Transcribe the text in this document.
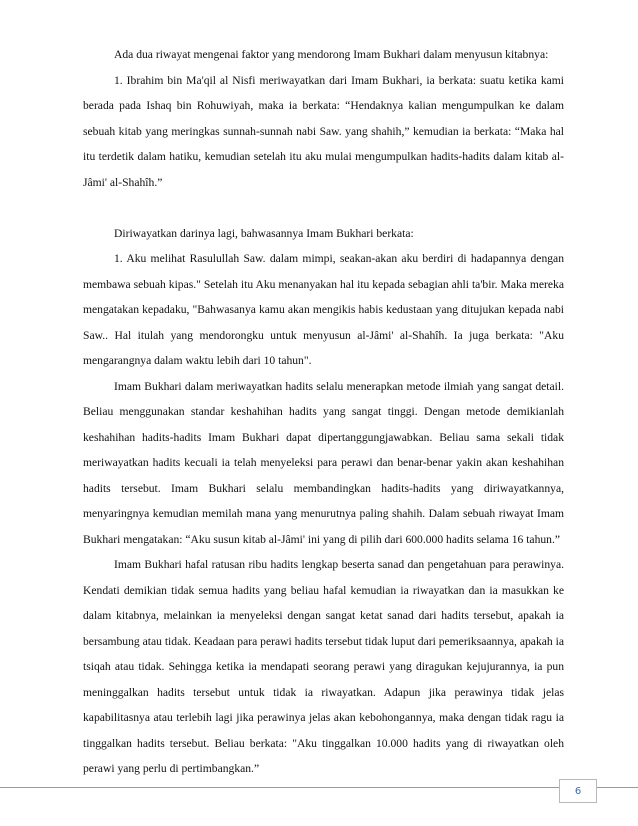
Ada dua riwayat mengenai faktor yang mendorong Imam Bukhari dalam menyusun kitabnya:

1. Ibrahim bin Ma'qil al Nisfi meriwayatkan dari Imam Bukhari, ia berkata: suatu ketika kami berada pada Ishaq bin Rohuwiyah, maka ia berkata: “Hendaknya kalian mengumpulkan ke dalam sebuah kitab yang meringkas sunnah-sunnah nabi Saw. yang shahih,” kemudian ia berkata: “Maka hal itu terdetik dalam hatiku, kemudian setelah itu aku mulai mengumpulkan hadits-hadits dalam kitab al-Jâmi' al-Shahîh.”

Diriwayatkan darinya lagi, bahwasannya Imam Bukhari berkata:

1. Aku melihat Rasulullah Saw. dalam mimpi, seakan-akan aku berdiri di hadapannya dengan membawa sebuah kipas." Setelah itu Aku menanyakan hal itu kepada sebagian ahli ta'bir. Maka mereka mengatakan kepadaku, "Bahwasanya kamu akan mengikis habis kedustaan yang ditujukan kepada nabi Saw.. Hal itulah yang mendorongku untuk menyusun al-Jâmi' al-Shahîh. Ia juga berkata: "Aku mengarangnya dalam waktu lebih dari 10 tahun".

Imam Bukhari dalam meriwayatkan hadits selalu menerapkan metode ilmiah yang sangat detail. Beliau menggunakan standar keshahihan hadits yang sangat tinggi. Dengan metode demikianlah keshahihan hadits-hadits Imam Bukhari dapat dipertanggungjawabkan. Beliau sama sekali tidak meriwayatkan hadits kecuali ia telah menyeleksi para perawi dan benar-benar yakin akan keshahihan hadits tersebut. Imam Bukhari selalu membandingkan hadits-hadits yang diriwayatkannya, menyaringnya kemudian memilah mana yang menurutnya paling shahih. Dalam sebuah riwayat Imam Bukhari mengatakan: “Aku susun kitab al-Jâmi' ini yang di pilih dari 600.000 hadits selama 16 tahun.”

Imam Bukhari hafal ratusan ribu hadits lengkap beserta sanad dan pengetahuan para perawinya. Kendati demikian tidak semua hadits yang beliau hafal kemudian ia riwayatkan dan ia masukkan ke dalam kitabnya, melainkan ia menyeleksi dengan sangat ketat sanad dari hadits tersebut, apakah ia bersambung atau tidak. Keadaan para perawi hadits tersebut tidak luput dari pemeriksaannya, apakah ia tsiqah atau tidak. Sehingga ketika ia mendapati seorang perawi yang diragukan kejujurannya, ia pun meninggalkan hadits tersebut untuk tidak ia riwayatkan. Adapun jika perawinya tidak jelas kapabilitasnya atau terlebih lagi jika perawinya jelas akan kebohongannya, maka dengan tidak ragu ia tinggalkan hadits tersebut. Beliau berkata: "Aku tinggalkan 10.000 hadits yang di riwayatkan oleh perawi yang perlu di pertimbangkan.”

6
